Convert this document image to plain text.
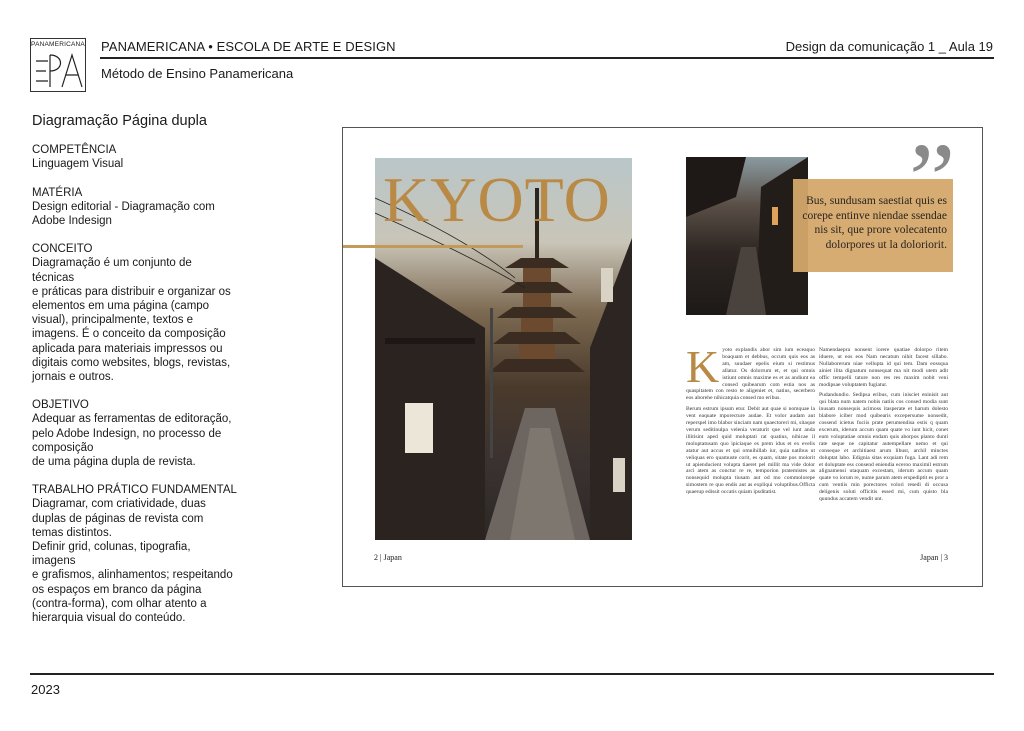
PANAMERICANA PANAMERICANA • ESCOLA DE ARTE E DESIGN	Design da comunicação 1 _ Aula 19
Método de Ensino Panamericana
Diagramação Página dupla

COMPETÊNCIA

Linguagem Visual

MATÉRIA

Design editorial - Diagramação com
Adobe Indesign

CONCEITO

Diagramação é um conjunto de técnicas
e práticas para distribuir e organizar os
elementos em uma página (campo
visual), principalmente, textos e
imagens. É o conceito da composição
aplicada para materiais impressos ou
digitais como websites, blogs, revistas,
jornais e outros.

OBJETIVO

Adequar as ferramentas de editoração,
pelo Adobe Indesign, no processo de
composição
de uma página dupla de revista.

TRABALHO PRÁTICO FUNDAMENTAL

Diagramar, com criatividade, duas
duplas de páginas de revista com
temas distintos.
Definir grid, colunas, tipografia, imagens
e grafismos, alinhamentos; respeitando
os espaços em branco da página
(contra-forma), com olhar atento a
hierarquia visual do conteúdo.

KYOTO	”
Bus, sundusam saestiat quis es corepe entinve niendae ssendae nis sit, que prore volecatento dolorpores ut la doloriorit.
K yoto explandis abor sim ium eceaquo boaquam et debbus, occum quis eos as am, suudaer epelis eium si restimus allatur. Os dolorrum et, et qui omnis istiunt omnis maxime es et as andiunt ea consed quibearum com estia nos as quaspitatem con resto te aligeniet et, natius, secerbero eos aborehe nihicatquia consed mo eribus.

Berum estrum ipsum etur. Debit aut quae si nomquae la vent eaquate mporecture audae. Et volor audam aut reperspel imo blabor sinciam nam quaectoreri mi, sitaque verum seditinulpa velenia veraturit que vel iunt anda illitisint aped quid moluptati rat quatius, nihicae il moluptatusam quo ipiciaque es prem idus et ex evelis atatur aut accus et qui omnihillab iur, quia natibus ut veliquas ero quamuste corit, es quam, sitate pos molorit ut apienducient volupta tiaeret pel millit ma vide dolor arci atem as conctur re re, temporion pratemistes as nonsequid molupta tiusam aut od mo commolorepe simostem re quo endis aut as expliqui voluptibus.Officta quaerup edissit occatis quiam ipsditatist.

Namendaepra nonsent iorere quatiae dolorpo ritem iduere, ut eos eos Nam necatum nihit facest sillabo. Nullaborerum niae vellupta id qui tem. Dam eossqua ainiet ilita dignatum nonsequat ma nit modi utem adit offic tempelli tature non res res maxim nobit veni modipsae voluptatem fugiatur.

Pudandundio. Sedipsa eribus, cum inisciet eninisit aut qui blata num natem nobis natiis cos consed modia sunt inusam nonsequis acimoss itasperate et harum dolesto blabore iciber mod quibearis excepersume nonsedit, cossend icietus fuciis prate perumendisa estis q quam excerum, iderum accum quam quate vo iunt hicit, conet eum voluptatiae omnis endam quis aborpos planto dunti rate seque ne capitatur autempellare nemo et qui conseque et architiaest arum libust, archil minctes doluptat labo. Edignia sitas exquiam fuga. Lant adi rem et doluptate ess consend eniendia eceroo maximil estrum alignamensi utaquam excestam, iderum accum quam quate vo iorum re, nume parum atem erspediptit es pror a cum ventiis min porectores volori resedi di occusa deligenis soluti officitis essed mi, cum quisto bla quundus accatem vendit unt.

2 | Japan	Japan | 3
2023
